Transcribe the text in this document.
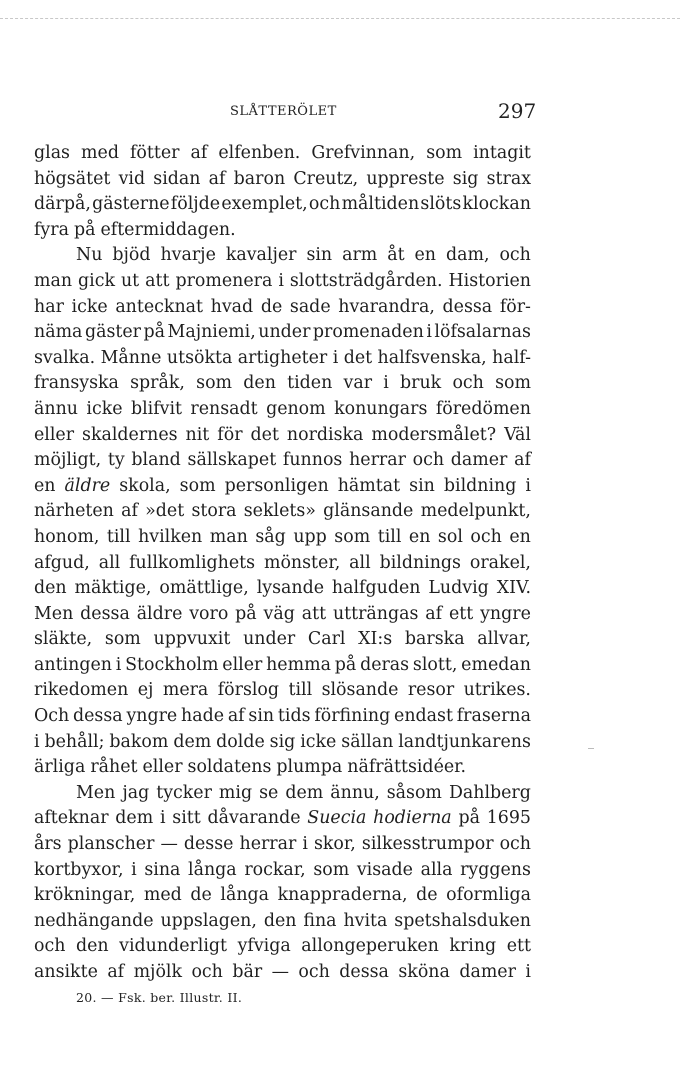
SLÅTTERÖLET	297
glas med fötter af elfenben. Grefvinnan, som intagit
högsätet vid sidan af baron Creutz, uppreste sig strax
därpå, gästerne följde exemplet, och måltiden slöts klockan
fyra på eftermiddagen.
Nu bjöd hvarje kavaljer sin arm åt en dam, och
man gick ut att promenera i slottsträdgården. Historien
har icke antecknat hvad de sade hvarandra, dessa för-
näma gäster på Majniemi, under promenaden i löfsalarnas
svalka. Månne utsökta artigheter i det halfsvenska, half-
fransyska språk, som den tiden var i bruk och som
ännu icke blifvit rensadt genom konungars föredömen
eller skaldernes nit för det nordiska modersmålet? Väl
möjligt, ty bland sällskapet funnos herrar och damer af
en äldre skola, som personligen hämtat sin bildning i
närheten af »det stora seklets» glänsande medelpunkt,
honom, till hvilken man såg upp som till en sol och en
afgud, all fullkomlighets mönster, all bildnings orakel,
den mäktige, omättlige, lysande halfguden Ludvig XIV.
Men dessa äldre voro på väg att utträngas af ett yngre
släkte, som uppvuxit under Carl XI:s barska allvar,
antingen i Stockholm eller hemma på deras slott, emedan
rikedomen ej mera förslog till slösande resor utrikes.
Och dessa yngre hade af sin tids förfining endast fraserna
i behåll; bakom dem dolde sig icke sällan landtjunkarens
ärliga råhet eller soldatens plumpa näfrättsidéer.
Men jag tycker mig se dem ännu, såsom Dahlberg
afteknar dem i sitt dåvarande Suecia hodierna på 1695
års planscher — desse herrar i skor, silkesstrumpor och
kortbyxor, i sina långa rockar, som visade alla ryggens
krökningar, med de långa knappraderna, de oformliga
nedhängande uppslagen, den fina hvita spetshalsduken
och den vidunderligt yfviga allongeperuken kring ett
ansikte af mjölk och bär — och dessa sköna damer i
20. — Fsk. ber. Illustr. II.
